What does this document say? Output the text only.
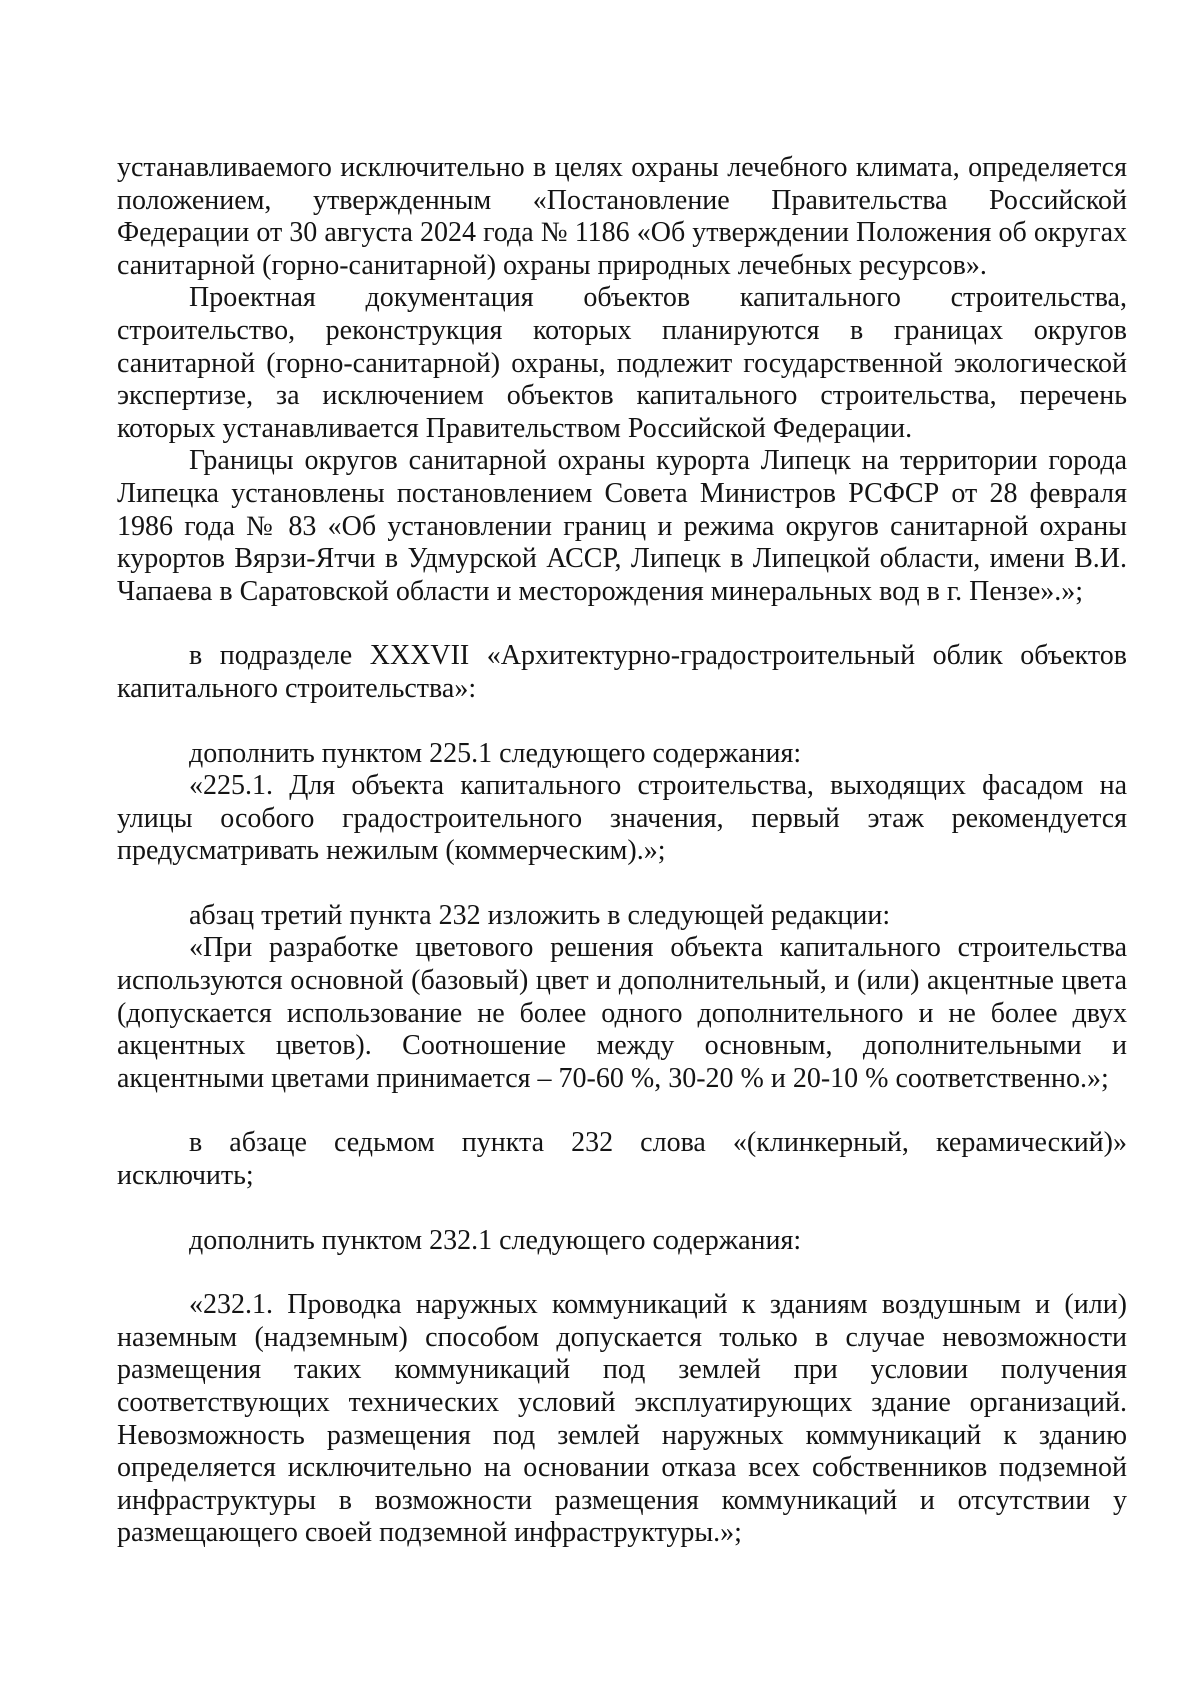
устанавливаемого исключительно в целях охраны лечебного климата, определяется положением, утвержденным «Постановление Правительства Российской Федерации от 30 августа 2024 года № 1186 «Об утверждении Положения об округах санитарной (горно-санитарной) охраны природных лечебных ресурсов».

Проектная документация объектов капитального строительства, строительство, реконструкция которых планируются в границах округов санитарной (горно-санитарной) охраны, подлежит государственной экологической экспертизе, за исключением объектов капитального строительства, перечень которых устанавливается Правительством Российской Федерации.

Границы округов санитарной охраны курорта Липецк на территории города Липецка установлены постановлением Совета Министров РСФСР от 28 февраля 1986 года № 83 «Об установлении границ и режима округов санитарной охраны курортов Вярзи-Ятчи в Удмурской АССР, Липецк в Липецкой области, имени В.И. Чапаева в Саратовской области и месторождения минеральных вод в г. Пензе».»;

в подразделе XXXVII «Архитектурно-градостроительный облик объектов капитального строительства»:

дополнить пунктом 225.1 следующего содержания:

«225.1. Для объекта капитального строительства, выходящих фасадом на улицы особого градостроительного значения, первый этаж рекомендуется предусматривать нежилым (коммерческим).»;

абзац третий пункта 232 изложить в следующей редакции:

«При разработке цветового решения объекта капитального строительства используются основной (базовый) цвет и дополнительный, и (или) акцентные цвета (допускается использование не более одного дополнительного и не более двух акцентных цветов). Соотношение между основным, дополнительными и акцентными цветами принимается – 70-60 %, 30-20 % и 20-10 % соответственно.»;

в абзаце седьмом пункта 232 слова «(клинкерный, керамический)» исключить;

дополнить пунктом 232.1 следующего содержания:

«232.1. Проводка наружных коммуникаций к зданиям воздушным и (или) наземным (надземным) способом допускается только в случае невозможности размещения таких коммуникаций под землей при условии получения соответствующих технических условий эксплуатирующих здание организаций. Невозможность размещения под землей наружных коммуникаций к зданию определяется исключительно на основании отказа всех собственников подземной инфраструктуры в возможности размещения коммуникаций и отсутствии у размещающего своей подземной инфраструктуры.»;
